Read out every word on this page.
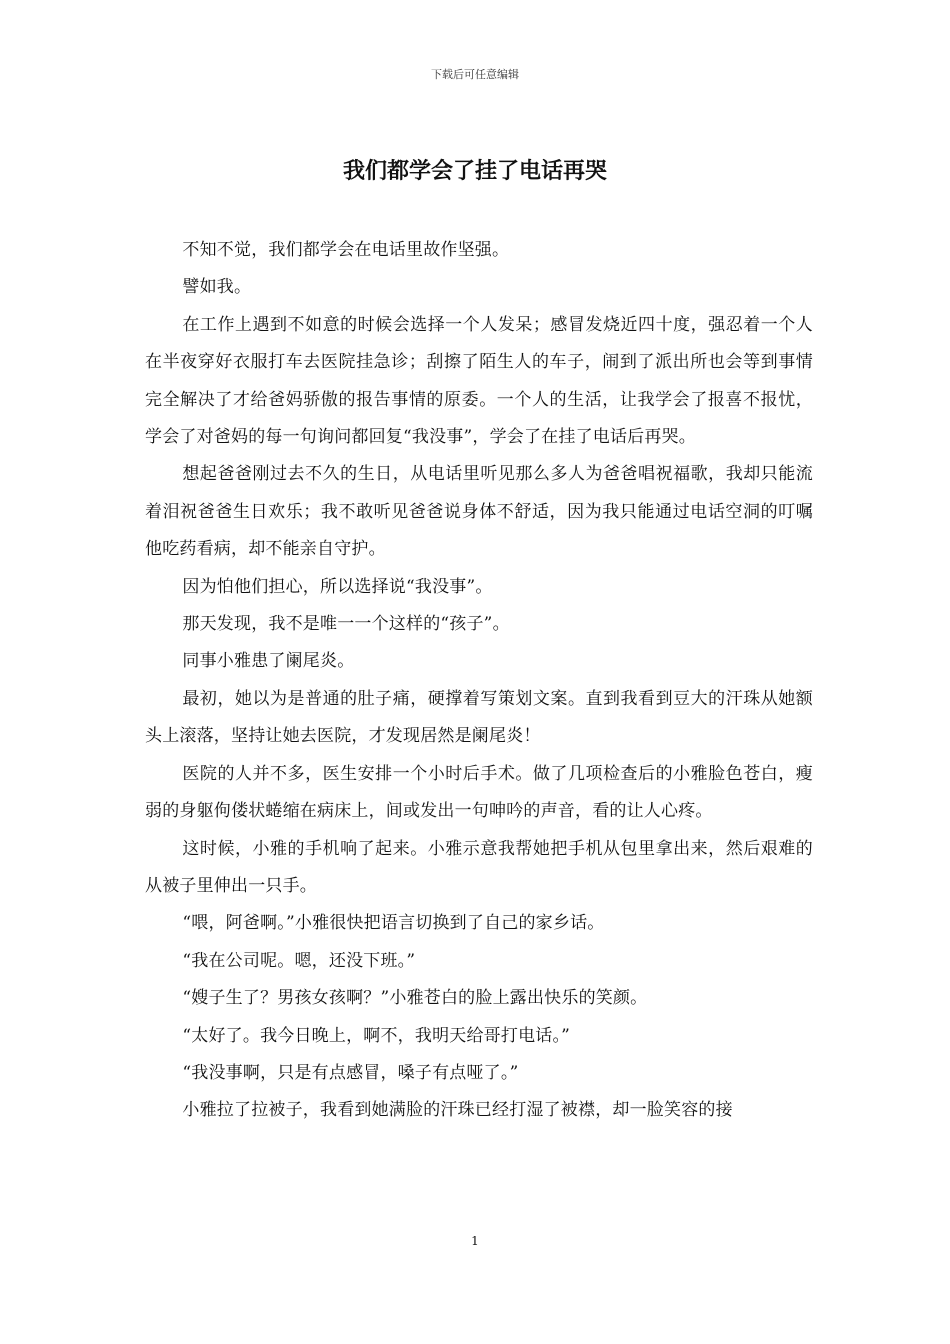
下载后可任意编辑
我们都学会了挂了电话再哭

不知不觉，我们都学会在电话里故作坚强。

譬如我。

在工作上遇到不如意的时候会选择一个人发呆；感冒发烧近四十度，强忍着一个人在半夜穿好衣服打车去医院挂急诊；刮擦了陌生人的车子，闹到了派出所也会等到事情完全解决了才给爸妈骄傲的报告事情的原委。一个人的生活，让我学会了报喜不报忧，学会了对爸妈的每一句询问都回复“我没事”，学会了在挂了电话后再哭。

想起爸爸刚过去不久的生日，从电话里听见那么多人为爸爸唱祝福歌，我却只能流着泪祝爸爸生日欢乐；我不敢听见爸爸说身体不舒适，因为我只能通过电话空洞的叮嘱他吃药看病，却不能亲自守护。

因为怕他们担心，所以选择说“我没事”。

那天发现，我不是唯一一个这样的“孩子”。

同事小雅患了阑尾炎。

最初，她以为是普通的肚子痛，硬撑着写策划文案。直到我看到豆大的汗珠从她额头上滚落，坚持让她去医院，才发现居然是阑尾炎！

医院的人并不多，医生安排一个小时后手术。做了几项检查后的小雅脸色苍白，瘦弱的身躯佝偻状蜷缩在病床上，间或发出一句呻吟的声音，看的让人心疼。

这时候，小雅的手机响了起来。小雅示意我帮她把手机从包里拿出来，然后艰难的从被子里伸出一只手。

“喂，阿爸啊。”小雅很快把语言切换到了自己的家乡话。

“我在公司呢。嗯，还没下班。”

“嫂子生了？男孩女孩啊？”小雅苍白的脸上露出快乐的笑颜。

“太好了。我今日晚上，啊不，我明天给哥打电话。”

“我没事啊，只是有点感冒，嗓子有点哑了。”

小雅拉了拉被子，我看到她满脸的汗珠已经打湿了被襟，却一脸笑容的接

1
